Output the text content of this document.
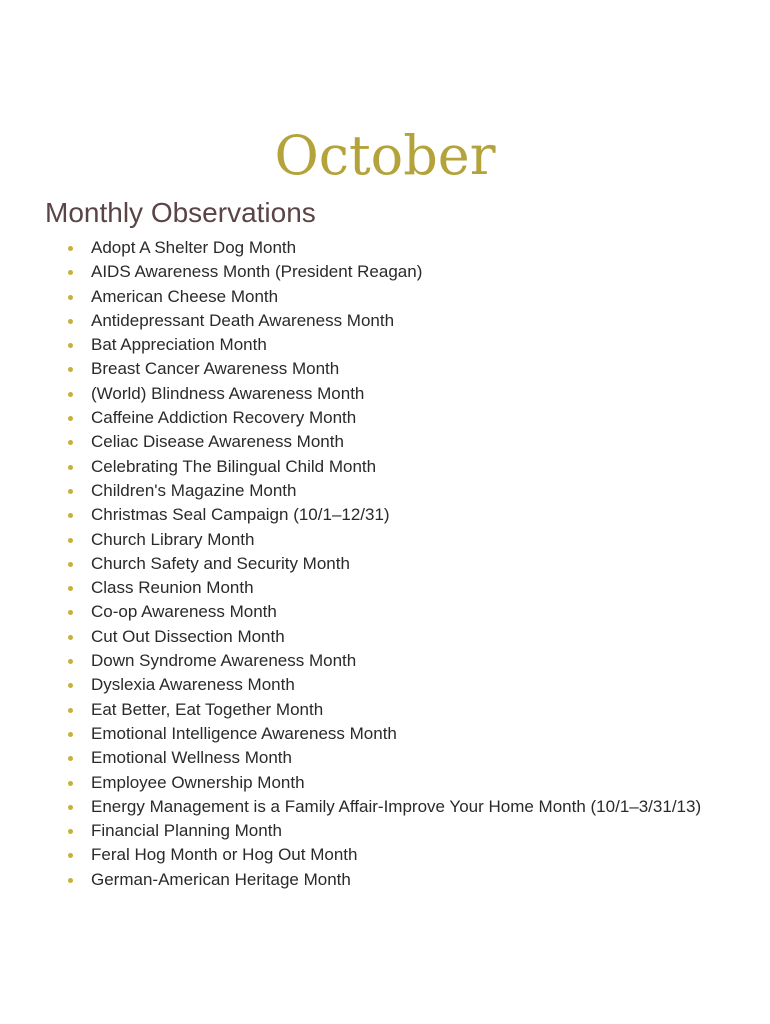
October
Monthly Observations
Adopt A Shelter Dog Month
AIDS Awareness Month (President Reagan)
American Cheese Month
Antidepressant Death Awareness Month
Bat Appreciation Month
Breast Cancer Awareness Month
(World) Blindness Awareness Month
Caffeine Addiction Recovery Month
Celiac Disease Awareness Month
Celebrating The Bilingual Child Month
Children's Magazine Month
Christmas Seal Campaign (10/1–12/31)
Church Library Month
Church Safety and Security Month
Class Reunion Month
Co-op Awareness Month
Cut Out Dissection Month
Down Syndrome Awareness Month
Dyslexia Awareness Month
Eat Better, Eat Together Month
Emotional Intelligence Awareness Month
Emotional Wellness Month
Employee Ownership Month
Energy Management is a Family Affair-Improve Your Home Month (10/1–3/31/13)
Financial Planning Month
Feral Hog Month or Hog Out Month
German-American Heritage Month
